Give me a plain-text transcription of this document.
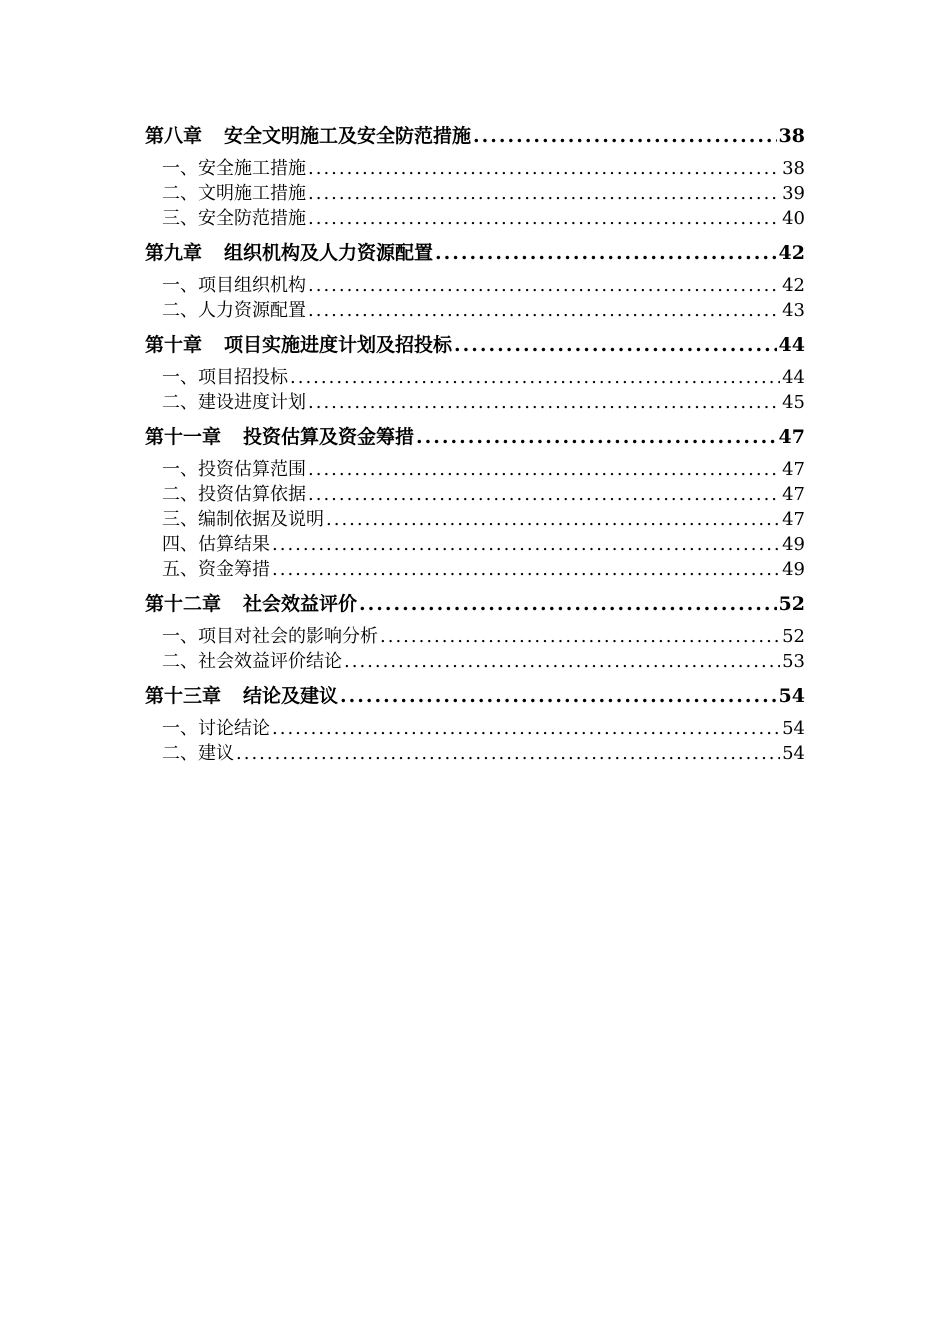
第八章 安全文明施工及安全防范措施 .....	38
一、安全施工措施 .....	38
二、文明施工措施 .....	39
三、安全防范措施 .....	40
第九章 组织机构及人力资源配置 .....	42
一、项目组织机构 .....	42
二、人力资源配置 .....	43
第十章 项目实施进度计划及招投标 .....	44
一、项目招投标 .....	44
二、建设进度计划 .....	45
第十一章 投资估算及资金筹措 .....	47
一、投资估算范围 .....	47
二、投资估算依据 .....	47
三、编制依据及说明 .....	47
四、估算结果 .....	49
五、资金筹措 .....	49
第十二章 社会效益评价 .....	52
一、项目对社会的影响分析 .....	52
二、社会效益评价结论 .....	53
第十三章 结论及建议 .....	54
一、讨论结论 .....	54
二、建议 .....	54
